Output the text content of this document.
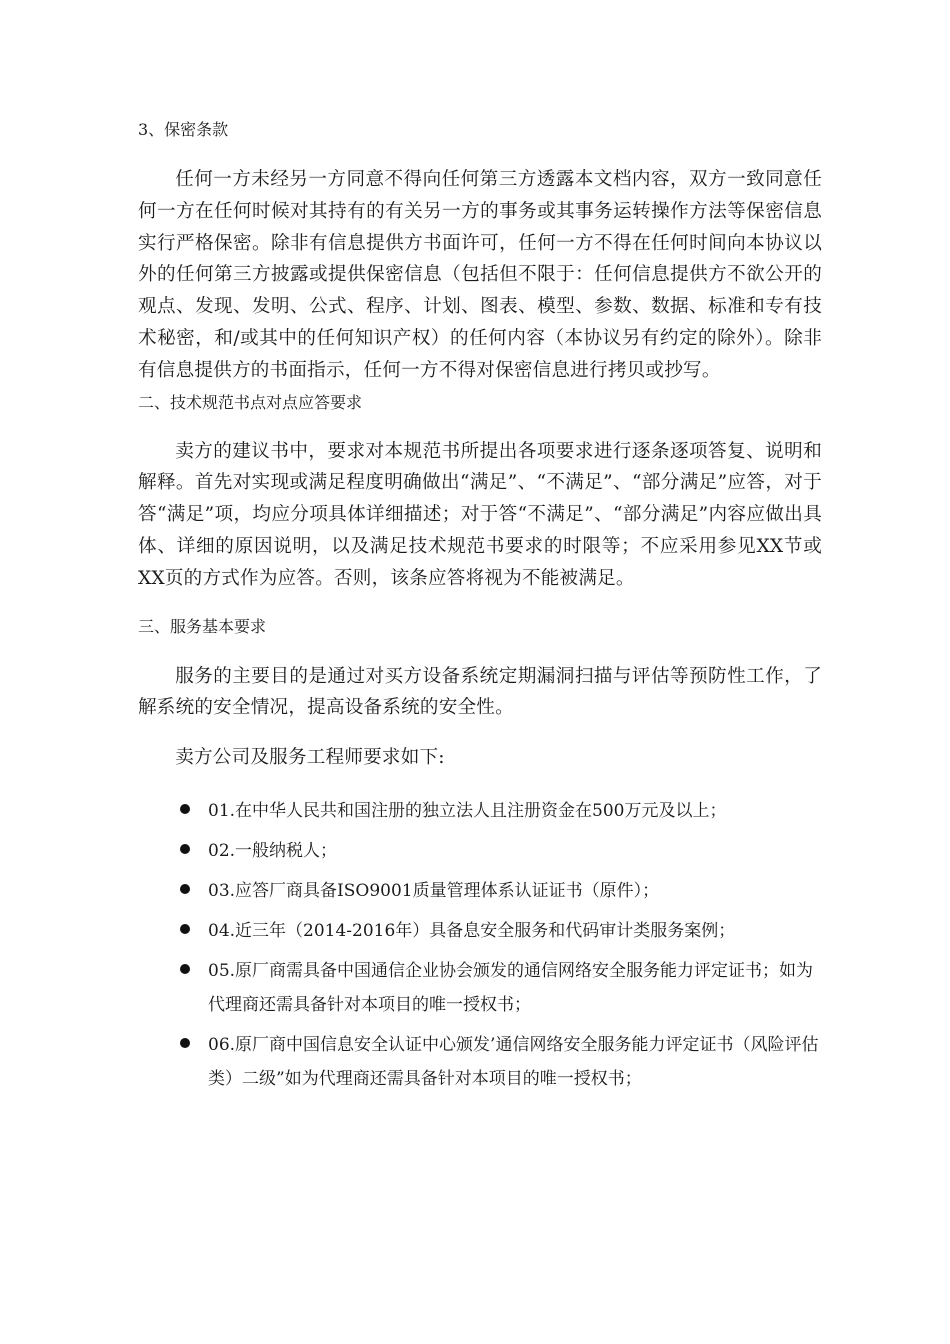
3、保密条款
任何一方未经另一方同意不得向任何第三方透露本文档内容，双方一致同意任何一方在任何时候对其持有的有关另一方的事务或其事务运转操作方法等保密信息实行严格保密。除非有信息提供方书面许可，任何一方不得在任何时间向本协议以外的任何第三方披露或提供保密信息（包括但不限于：任何信息提供方不欲公开的观点、发现、发明、公式、程序、计划、图表、模型、参数、数据、标准和专有技术秘密，和/或其中的任何知识产权）的任何内容（本协议另有约定的除外）。除非有信息提供方的书面指示，任何一方不得对保密信息进行拷贝或抄写。
二、技术规范书点对点应答要求
卖方的建议书中，要求对本规范书所提出各项要求进行逐条逐项答复、说明和解释。首先对实现或满足程度明确做出“满足”、“不满足”、“部分满足”应答，对于答“满足”项，均应分项具体详细描述；对于答“不满足”、“部分满足”内容应做出具体、详细的原因说明，以及满足技术规范书要求的时限等；不应采用参见XX节或XX页的方式作为应答。否则，该条应答将视为不能被满足。
三、服务基本要求
服务的主要目的是通过对买方设备系统定期漏洞扫描与评估等预防性工作，了解系统的安全情况，提高设备系统的安全性。
卖方公司及服务工程师要求如下:
01.在中华人民共和国注册的独立法人且注册资金在500万元及以上；
02.一般纳税人；
03.应答厂商具备ISO9001质量管理体系认证证书（原件）；
04.近三年（2014-2016年）具备息安全服务和代码审计类服务案例；
05.原厂商需具备中国通信企业协会颁发的通信网络安全服务能力评定证书；如为代理商还需具备针对本项目的唯一授权书；
06.原厂商中国信息安全认证中心颁发’通信网络安全服务能力评定证书（风险评估类）二级”如为代理商还需具备针对本项目的唯一授权书；
